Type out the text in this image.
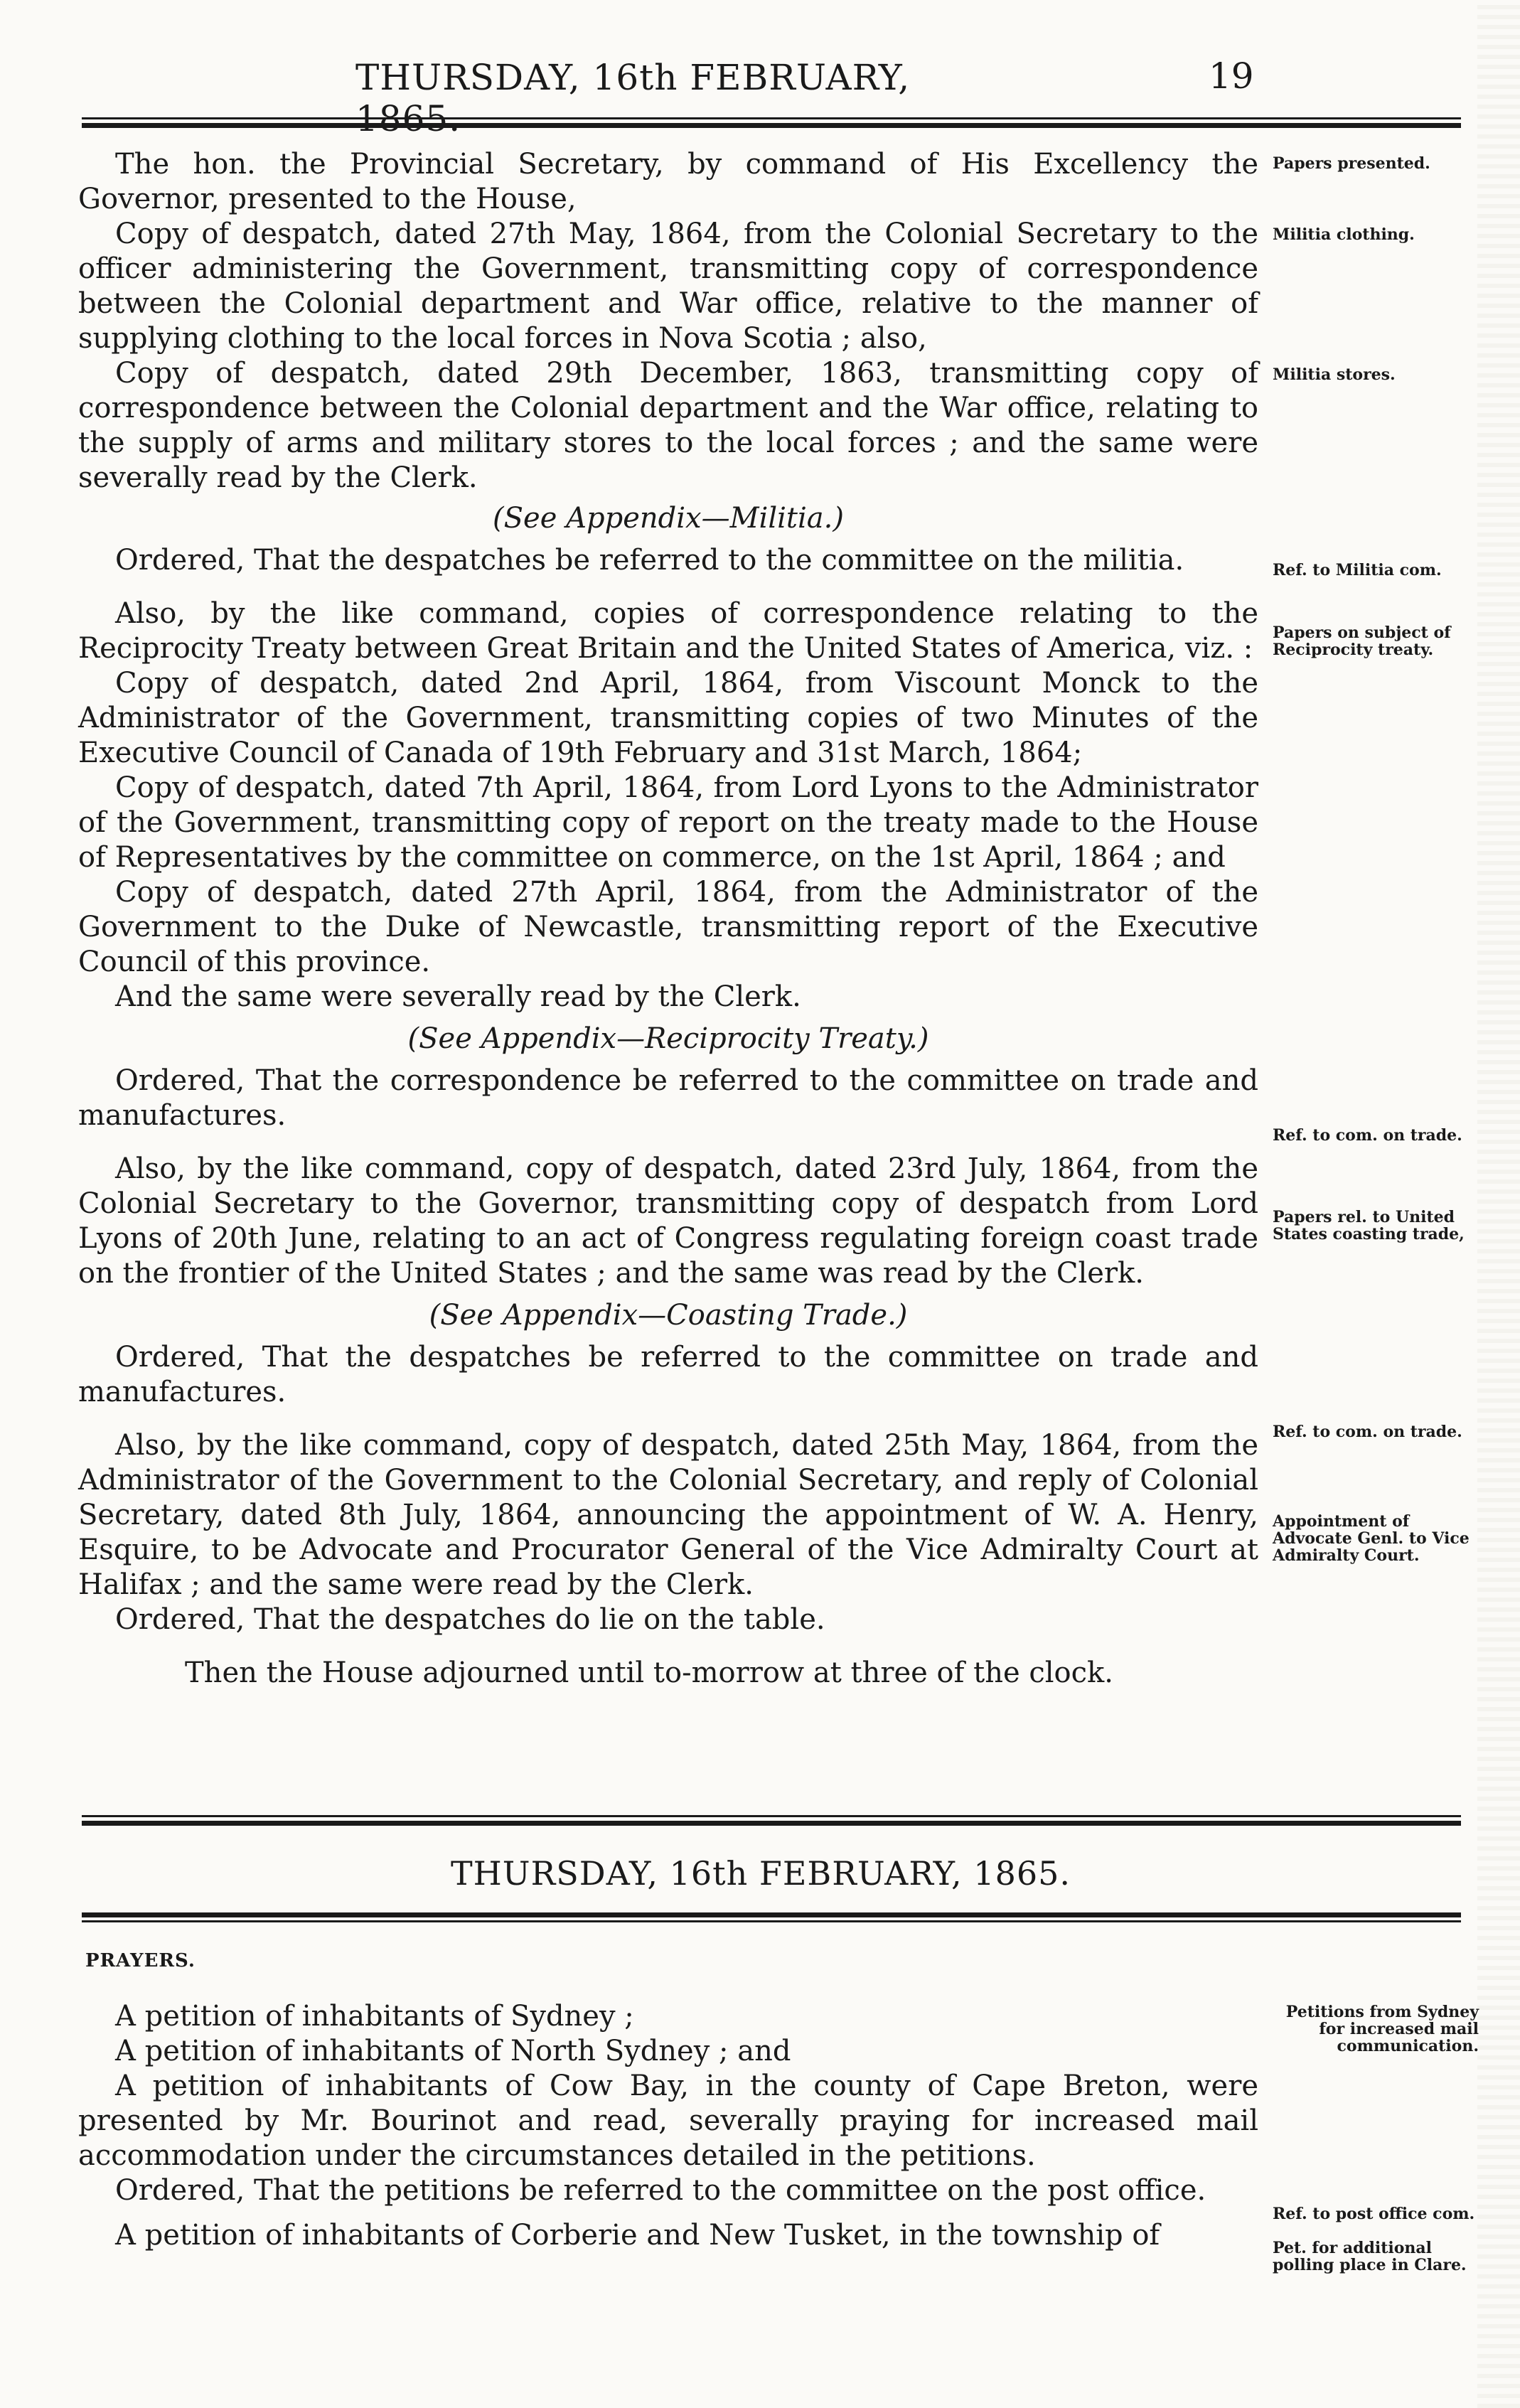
THURSDAY, 16th FEBRUARY,	19

The hon. the Provincial Secretary, by command of His Excellency the Governor, presented to the House,

Copy of despatch, dated 27th May, 1864, from the Colonial Secretary to the officer administering the Government, transmitting copy of correspondence between the Colonial department and War office, relative to the manner of supplying clothing to the local forces in Nova Scotia ; also,

Copy of despatch, dated 29th December, 1863, transmitting copy of correspondence between the Colonial department and the War office, relating to the supply of arms and military stores to the local forces ; and the same were severally read by the Clerk.

(See Appendix—Militia.)

Ordered, That the despatches be referred to the committee on the militia.

Also, by the like command, copies of correspondence relating to the Reciprocity Treaty between Great Britain and the United States of America, viz. :

Copy of despatch, dated 2nd April, 1864, from Viscount Monck to the Administrator of the Government, transmitting copies of two Minutes of the Executive Council of Canada of 19th February and 31st March, 1864;

Copy of despatch, dated 7th April, 1864, from Lord Lyons to the Administrator of the Government, transmitting copy of report on the treaty made to the House of Representatives by the committee on commerce, on the 1st April, 1864 ; and

Copy of despatch, dated 27th April, 1864, from the Administrator of the Government to the Duke of Newcastle, transmitting report of the Executive Council of this province.

And the same were severally read by the Clerk.

(See Appendix—Reciprocity Treaty.)

Ordered, That the correspondence be referred to the committee on trade and manufactures.

Also, by the like command, copy of despatch, dated 23rd July, 1864, from the Colonial Secretary to the Governor, transmitting copy of despatch from Lord Lyons of 20th June, relating to an act of Congress regulating foreign coast trade on the frontier of the United States ; and the same was read by the Clerk.

(See Appendix—Coasting Trade.)

Ordered, That the despatches be referred to the committee on trade and manufactures.

Also, by the like command, copy of despatch, dated 25th May, 1864, from the Administrator of the Government to the Colonial Secretary, and reply of Colonial Secretary, dated 8th July, 1864, announcing the appointment of W. A. Henry, Esquire, to be Advocate and Procurator General of the Vice Admiralty Court at Halifax ; and the same were read by the Clerk.

Ordered, That the despatches do lie on the table.

Then the House adjourned until to-morrow at three of the clock.

Papers presented.
Militia clothing.
Militia stores.
Ref. to Militia com.
Papers on subject of Reciprocity treaty.
Ref. to com. on trade.
Papers rel. to United States coasting trade,
Ref. to com. on trade.
Appointment of Advocate Genl. to Vice Admiralty Court.
THURSDAY, 16th FEBRUARY, 1865.
PRAYERS.

A petition of inhabitants of Sydney ;

A petition of inhabitants of North Sydney ; and

A petition of inhabitants of Cow Bay, in the county of Cape Breton, were presented by Mr. Bourinot and read, severally praying for increased mail accommodation under the circumstances detailed in the petitions.

Ordered, That the petitions be referred to the committee on the post office.

A petition of inhabitants of Corberie and New Tusket, in the township of

Petitions from Sydney for increased mail communication.
Ref. to post office com.
Pet. for additional polling place in Clare.
